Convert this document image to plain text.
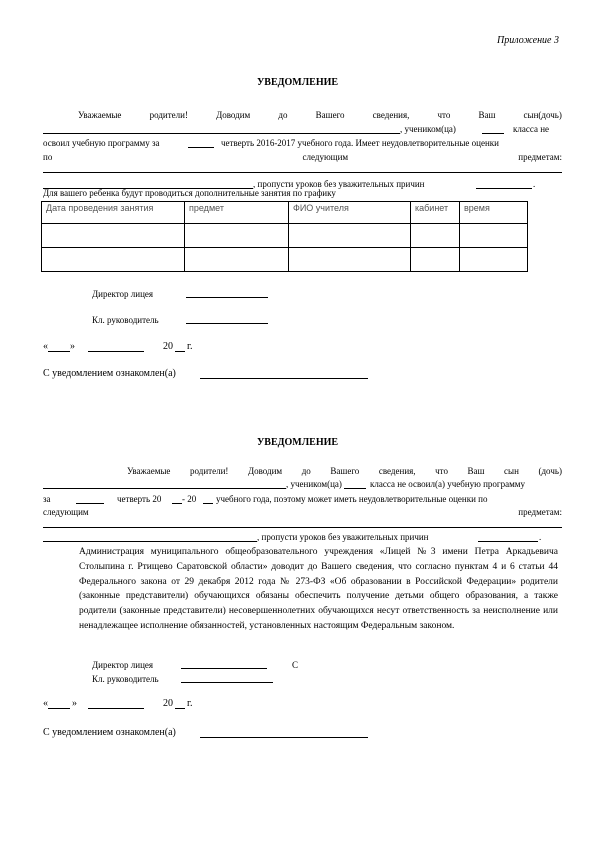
Приложение 3
УВЕДОМЛЕНИЕ
Уважаемые	родители!	Доводим	до	Вашего	сведения,	что	Ваш	сын(дочь)
, учеником(ца)	класса не
освоил учебную программу за	четверть 2016-2017 учебного года. Имеет неудовлетворительные оценки
по	следующим	предметам:
, пропусти уроков без уважительных причин	.
Для вашего ребенка будут проводиться дополнительные занятия по графику
Дата проведения занятия	предмет	ФИО учителя	кабинет	время

Директор лицея
Кл. руководитель
« »	20 г.
С уведомлением ознакомлен(а)
УВЕДОМЛЕНИЕ
Уважаемые родители! Доводим до Вашего сведения, что Ваш сын (дочь)
, учеником(ца)	класса не освоил(а) учебную программу
за	четверть 20 - 20 учебного года, поэтому может иметь неудовлетворительные оценки по
следующим	предметам:
, пропусти уроков без уважительных причин	.
Администрация муниципального общеобразовательного учреждения «Лицей №3 имени Петра Аркадьевича Столыпина г. Ртищево Саратовской области» доводит до Вашего сведения, что согласно пунктам 4 и 6 статьи 44 Федерального закона от 29 декабря 2012 года № 273-ФЗ «Об образовании в Российской Федерации» родители (законные представители) обучающихся обязаны обеспечить получение детьми общего образования, а также родители (законные представители) несовершеннолетних обучающихся несут ответственность за неисполнение или ненадлежащее исполнение обязанностей, установленных настоящим Федеральным законом.
Директор лицея	С
Кл. руководитель
« »	20 г.
С уведомлением ознакомлен(а)
